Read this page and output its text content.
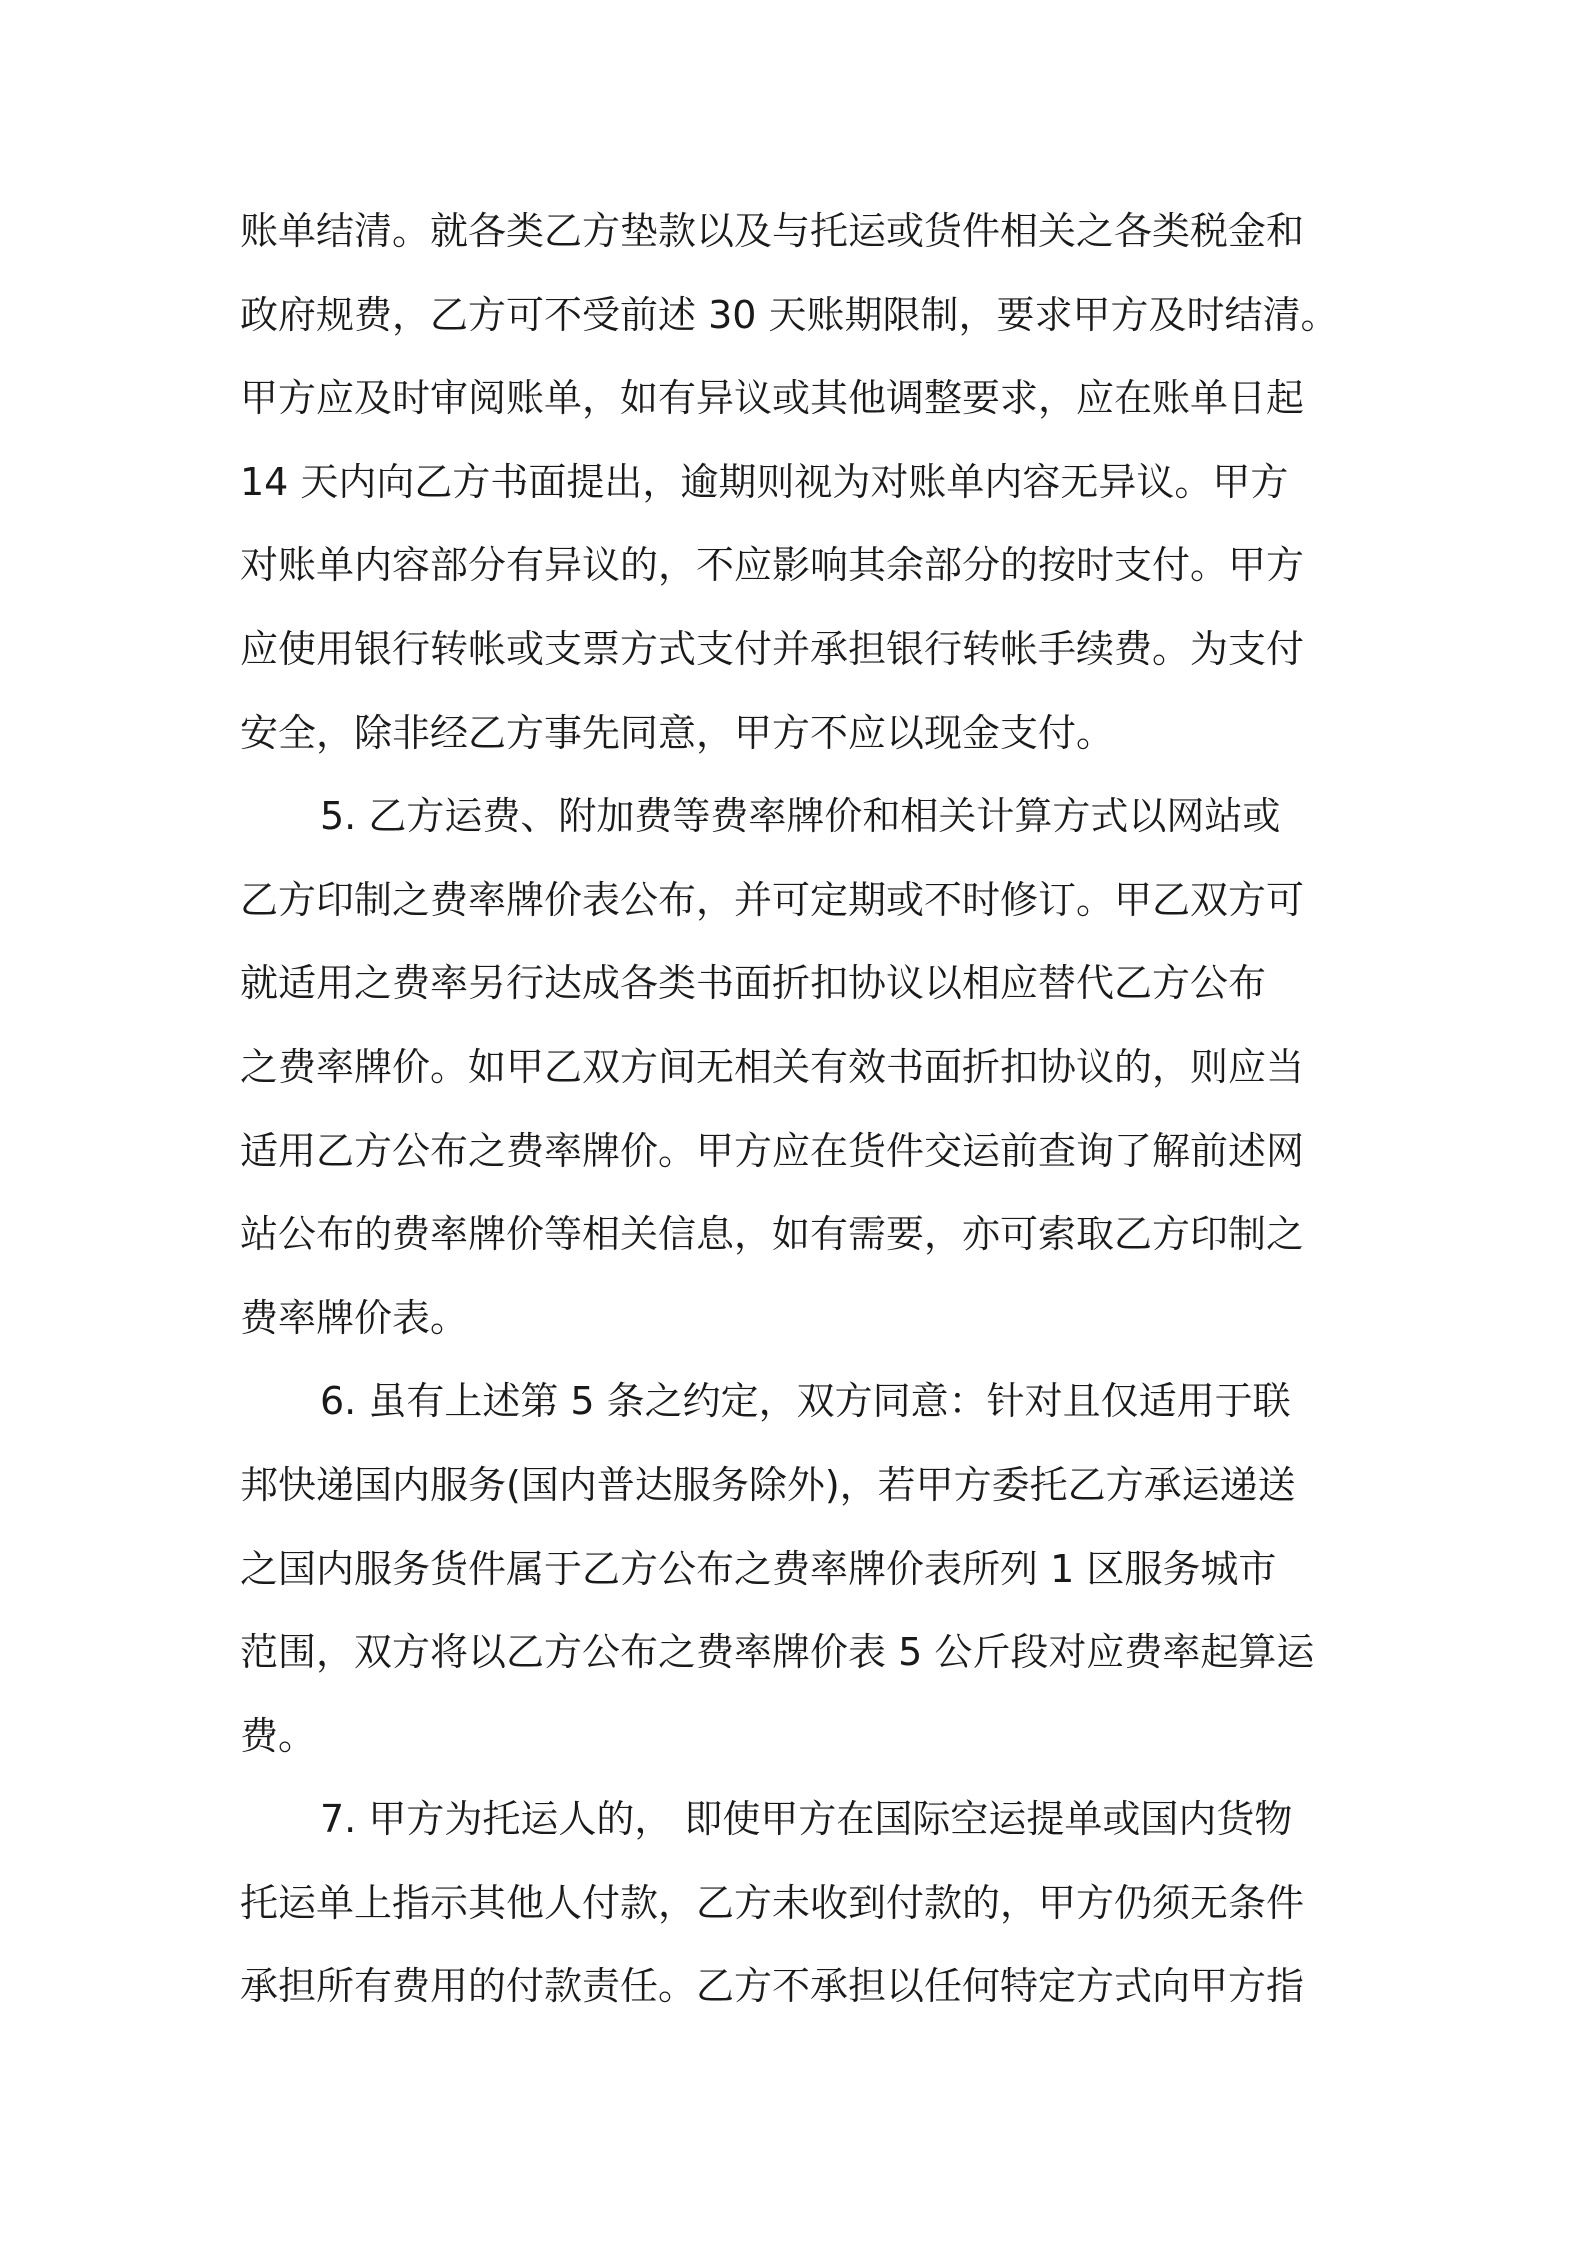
账单结清。就各类乙方垫款以及与托运或货件相关之各类税金和
政府规费，乙方可不受前述 30 天账期限制，要求甲方及时结清。
甲方应及时审阅账单，如有异议或其他调整要求，应在账单日起
14 天内向乙方书面提出，逾期则视为对账单内容无异议。甲方
对账单内容部分有异议的，不应影响其余部分的按时支付。甲方
应使用银行转帐或支票方式支付并承担银行转帐手续费。为支付
安全，除非经乙方事先同意，甲方不应以现金支付。
5. 乙方运费、附加费等费率牌价和相关计算方式以网站或
乙方印制之费率牌价表公布，并可定期或不时修订。甲乙双方可
就适用之费率另行达成各类书面折扣协议以相应替代乙方公布
之费率牌价。如甲乙双方间无相关有效书面折扣协议的，则应当
适用乙方公布之费率牌价。甲方应在货件交运前查询了解前述网
站公布的费率牌价等相关信息，如有需要，亦可索取乙方印制之
费率牌价表。
6. 虽有上述第 5 条之约定，双方同意：针对且仅适用于联
邦快递国内服务(国内普达服务除外)，若甲方委托乙方承运递送
之国内服务货件属于乙方公布之费率牌价表所列 1 区服务城市
范围，双方将以乙方公布之费率牌价表 5 公斤段对应费率起算运
费。
7. 甲方为托运人的， 即使甲方在国际空运提单或国内货物
托运单上指示其他人付款，乙方未收到付款的，甲方仍须无条件
承担所有费用的付款责任。乙方不承担以任何特定方式向甲方指
